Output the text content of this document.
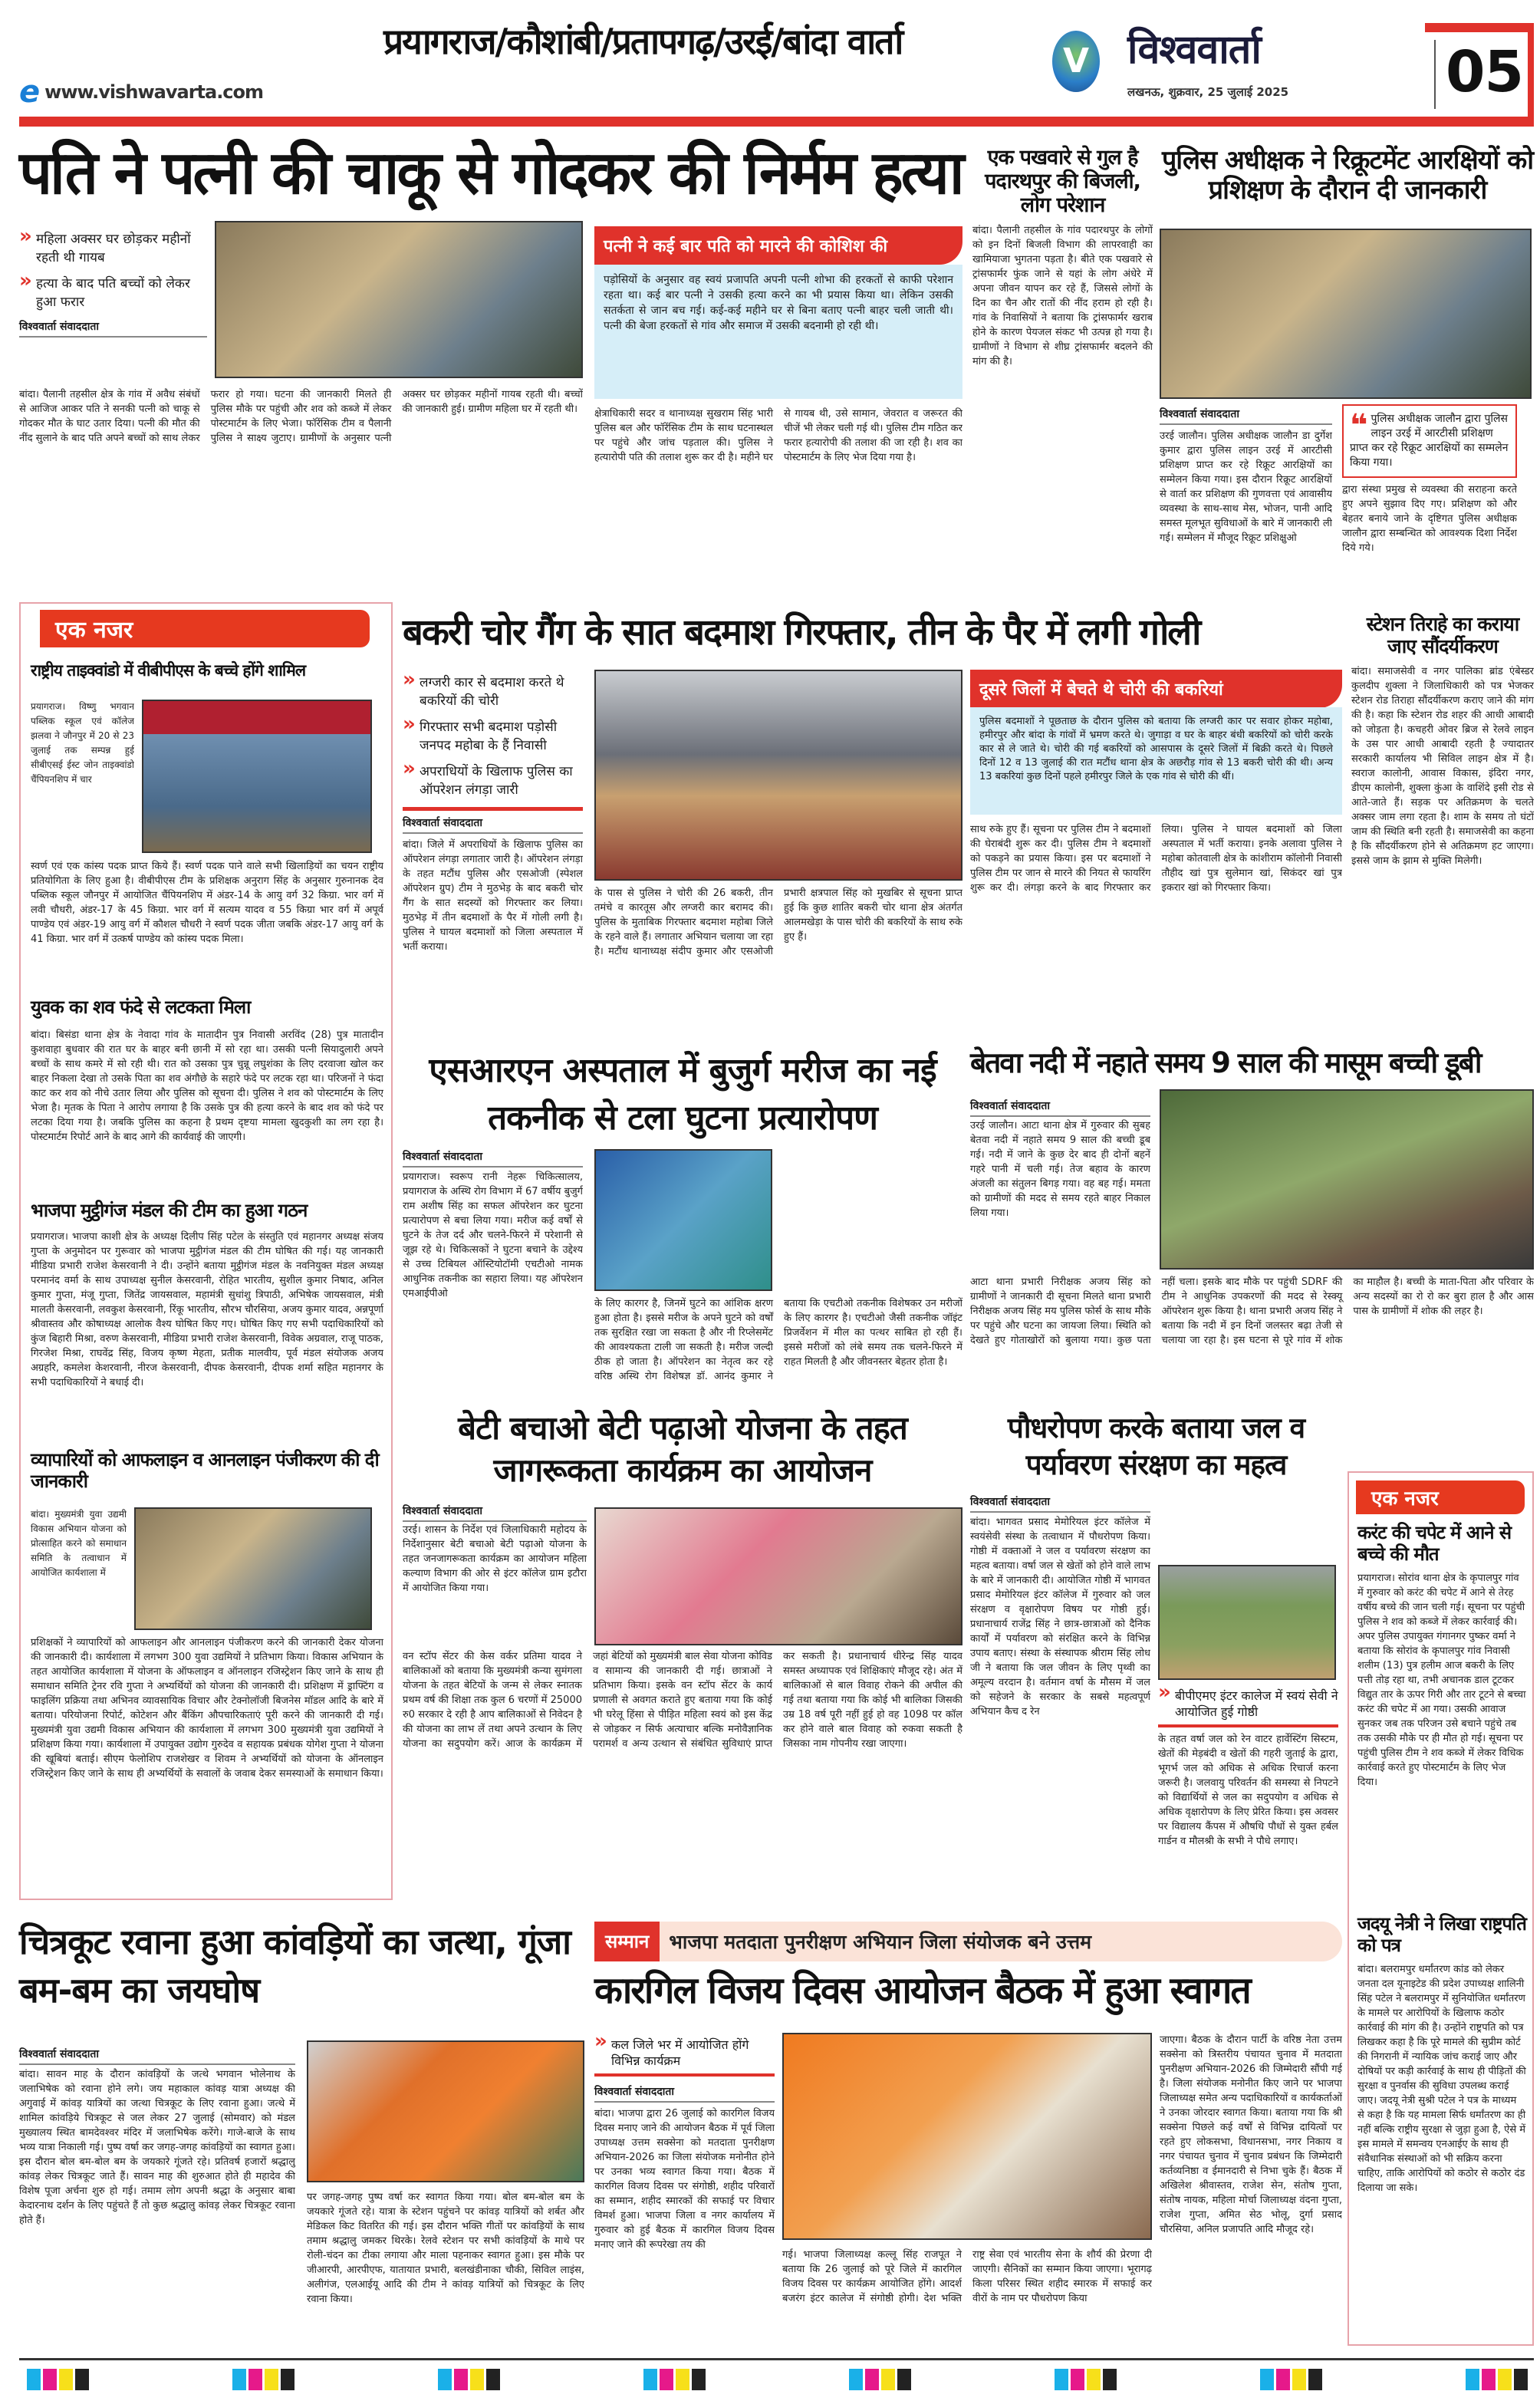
प्रयागराज/कौशांबी/प्रतापगढ़/उरई/बांदा वार्ता
e www.vishwavarta.com
V विश्ववार्ता
लखनऊ, शुक्रवार, 25 जुलाई 2025	05
पति ने पत्नी की चाकू से गोदकर की निर्मम हत्या
» महिला अक्सर घर छोड़कर महीनों रहती थी गायब
» हत्या के बाद पति बच्चों को लेकर हुआ फरार
विश्ववार्ता संवाददाता
पत्नी ने कई बार पति को मारने की कोशिश की
पड़ोसियों के अनुसार वह स्वयं प्रजापति अपनी पत्नी शोभा की हरकतों से काफी परेशान रहता था। कई बार पत्नी ने उसकी हत्या करने का भी प्रयास किया था। लेकिन उसकी सतर्कता से जान बच गई। कई-कई महीने घर से बिना बताए पत्नी बाहर चली जाती थी। पत्नी की बेजा हरकतों से गांव और समाज में उसकी बदनामी हो रही थी।
बांदा। पैलानी तहसील क्षेत्र के गांव में अवैध संबंधों से आजिज आकर पति ने सनकी पत्नी को चाकू से गोदकर मौत के घाट उतार दिया। पत्नी की मौत की नींद सुलाने के बाद पति अपने बच्चों को साथ लेकर फरार हो गया। घटना की जानकारी मिलते ही पुलिस मौके पर पहुंची और शव को कब्जे में लेकर पोस्टमार्टम के लिए भेजा। फॉरेंसिक टीम व पैलानी पुलिस ने साक्ष्य जुटाए। ग्रामीणों के अनुसार पत्नी अक्सर घर छोड़कर महीनों गायब रहती थी। बच्चों की जानकारी हुई। ग्रामीण महिला घर में रहती थी।	क्षेत्राधिकारी सदर व थानाध्यक्ष सुखराम सिंह भारी पुलिस बल और फॉरेंसिक टीम के साथ घटनास्थल पर पहुंचे और जांच पड़ताल की। पुलिस ने हत्यारोपी पति की तलाश शुरू कर दी है। महीने घर से गायब थी, उसे सामान, जेवरात व जरूरत की चीजें भी लेकर चली गई थी। पुलिस टीम गठित कर फरार हत्यारोपी की तलाश की जा रही है। शव का पोस्टमार्टम के लिए भेज दिया गया है।
एक पखवारे से गुल है पदारथपुर की बिजली, लोग परेशान
बांदा। पैलानी तहसील के गांव पदारथपुर के लोगों को इन दिनों बिजली विभाग की लापरवाही का खामियाजा भुगतना पड़ता है। बीते एक पखवारे से ट्रांसफार्मर फुंक जाने से यहां के लोग अंधेरे में अपना जीवन यापन कर रहे हैं, जिससे लोगों के दिन का चैन और रातों की नींद हराम हो रही है। गांव के निवासियों ने बताया कि ट्रांसफार्मर खराब होने के कारण पेयजल संकट भी उत्पन्न हो गया है। ग्रामीणों ने विभाग से शीघ्र ट्रांसफार्मर बदलने की मांग की है।
पुलिस अधीक्षक ने रिक्रूटमेंट आरक्षियों को प्रशिक्षण के दौरान दी जानकारी
विश्ववार्ता संवाददाता
उरई जालौन। पुलिस अधीक्षक जालौन डा दुर्गेश कुमार द्वारा पुलिस लाइन उरई में आरटीसी प्रशिक्षण प्राप्त कर रहे रिक्रूट आरक्षियों का सम्मेलन किया गया। इस दौरान रिक्रूट आरक्षियों से वार्ता कर प्रशिक्षण की गुणवत्ता एवं आवासीय व्यवस्था के साथ-साथ मेस, भोजन, पानी आदि समस्त मूलभूत सुविधाओं के बारे में जानकारी ली गई। सम्मेलन में मौजूद रिक्रूट प्रशिक्षुओ
❝ पुलिस अधीक्षक जालौन द्वारा पुलिस लाइन उरई में आरटीसी प्रशिक्षण प्राप्त कर रहे रिक्रूट आरक्षियों का सम्मलेन किया गया।
द्वारा संस्था प्रमुख से व्यवस्था की सराहना करते हुए अपने सुझाव दिए गए। प्रशिक्षण को और बेहतर बनाये जाने के दृष्टिगत पुलिस अधीक्षक जालौन द्वारा सम्बन्धित को आवश्यक दिशा निर्देश दिये गये।
एक नजर
राष्ट्रीय ताइक्वांडो में वीबीपीएस के बच्चे होंगे शामिल
प्रयागराज। विष्णु भगवान पब्लिक स्कूल एवं कॉलेज झलवा ने जौनपुर में 20 से 23 जुलाई तक सम्पन्न हुई सीबीएसई ईस्ट जोन ताइक्वांडो चैंपियनशिप में चार
स्वर्ण एवं एक कांस्य पदक प्राप्त किये हैं। स्वर्ण पदक पाने वाले सभी खिलाड़ियों का चयन राष्ट्रीय प्रतियोगिता के लिए हुआ है। वीबीपीएस टीम के प्रशिक्षक अनुराग सिंह के अनुसार गुरुनानक देव पब्लिक स्कूल जौनपुर में आयोजित चैंपियनशिप में अंडर-14 के आयु वर्ग 32 किग्रा. भार वर्ग में लवी चौधरी, अंडर-17 के 45 किग्रा. भार वर्ग में सत्यम यादव व 55 किग्रा भार वर्ग में अपूर्व पाण्डेय एवं अंडर-19 आयु वर्ग में कौशल चौधरी ने स्वर्ण पदक जीता जबकि अंडर-17 आयु वर्ग के 41 किग्रा. भार वर्ग में उत्कर्ष पाण्डेय को कांस्य पदक मिला।
युवक का शव फंदे से लटकता मिला
बांदा। बिसंडा थाना क्षेत्र के नेवादा गांव के मातादीन पुत्र निवासी अरविंद (28) पुत्र मातादीन कुशवाहा बुधवार की रात घर के बाहर बनी छानी में सो रहा था। उसकी पत्नी सियादुलारी अपने बच्चों के साथ कमरे में सो रही थी। रात को उसका पुत्र चुन्नू लघुशंका के लिए दरवाजा खोल कर बाहर निकला देखा तो उसके पिता का शव अंगौछे के सहारे फंदे पर लटक रहा था। परिजनों ने फंदा काट कर शव को नीचे उतार लिया और पुलिस को सूचना दी। पुलिस ने शव को पोस्टमार्टम के लिए भेजा है। मृतक के पिता ने आरोप लगाया है कि उसके पुत्र की हत्या करने के बाद शव को फंदे पर लटका दिया गया है। जबकि पुलिस का कहना है प्रथम दृष्टया मामला खुदकुशी का लग रहा है। पोस्टमार्टम रिपोर्ट आने के बाद आगे की कार्यवाई की जाएगी।
भाजपा मुट्ठीगंज मंडल की टीम का हुआ गठन
प्रयागराज। भाजपा काशी क्षेत्र के अध्यक्ष दिलीप सिंह पटेल के संस्तुति एवं महानगर अध्यक्ष संजय गुप्ता के अनुमोदन पर गुरूवार को भाजपा मुट्ठीगंज मंडल की टीम घोषित की गई। यह जानकारी मीडिया प्रभारी राजेश केसरवानी ने दी। उन्होंने बताया मुट्ठीगंज मंडल के नवनियुक्त मंडल अध्यक्ष परमानंद वर्मा के साथ उपाध्यक्ष सुनील केसरवानी, रोहित भारतीय, सुशील कुमार निषाद, अनिल कुमार गुप्ता, मंजू गुप्ता, जितेंद्र जायसवाल, महामंत्री सुधांशु त्रिपाठी, अभिषेक जायसवाल, मंत्री मालती केसरवानी, लवकुश केसरवानी, रिंकू भारतीय, सौरभ चौरसिया, अजय कुमार यादव, अन्नपूर्णा श्रीवास्तव और कोषाध्यक्ष आलोक वैश्य घोषित किए गए। घोषित किए गए सभी पदाधिकारियों को कुंज बिहारी मिश्रा, वरुण केसरवानी, मीडिया प्रभारी राजेश केसरवानी, विवेक अग्रवाल, राजू पाठक, गिरजेश मिश्रा, राघवेंद्र सिंह, विजय कृष्ण मेहता, प्रतीक मालवीय, पूर्व मंडल संयोजक अजय अग्रहरि, कमलेश केशरवानी, नीरज केसरवानी, दीपक केसरवानी, दीपक शर्मा सहित महानगर के सभी पदाधिकारियों ने बधाई दी।
व्यापारियों को आफलाइन व आनलाइन पंजीकरण की दी जानकारी
बांदा। मुख्यमंत्री युवा उद्यमी विकास अभियान योजना को प्रोत्साहित करने को समाधान समिति के तत्वाधान में आयोजित कार्यशाला में
प्रशिक्षकों ने व्यापारियों को आफलाइन और आनलाइन पंजीकरण करने की जानकारी देकर योजना की जानकारी दी। कार्यशाला में लगभग 300 युवा उद्यमियों ने प्रतिभाग किया। विकास अभियान के तहत आयोजित कार्यशाला में योजना के ऑफलाइन व ऑनलाइन रजिस्ट्रेशन किए जाने के साथ ही समाधान समिति ट्रेनर रवि गुप्ता ने अभ्यर्थियों को योजना की जानकारी दी। प्रशिक्षण में ड्राफ्टिंग व फाइलिंग प्रक्रिया तथा अभिनव व्यावसायिक विचार और टेक्नोलॉजी बिजनेस मॉडल आदि के बारे में बताया। परियोजना रिपोर्ट, कोटेशन और बैंकिंग औपचारिकताएं पूरी करने की जानकारी दी गई। मुख्यमंत्री युवा उद्यमी विकास अभियान की कार्यशाला में लगभग 300 मुख्यमंत्री युवा उद्यमियों ने प्रशिक्षण किया गया। कार्यशाला में उपायुक्त उद्योग गुरुदेव व सहायक प्रबंधक योगेश गुप्ता ने योजना की खूबियां बताई। सीएम फेलोशिप राजशेखर व शिवम ने अभ्यर्थियों को योजना के ऑनलाइन रजिस्ट्रेशन किए जाने के साथ ही अभ्यर्थियों के सवालों के जवाब देकर समस्याओं के समाधान किया।
बकरी चोर गैंग के सात बदमाश गिरफ्तार, तीन के पैर में लगी गोली
» लग्जरी कार से बदमाश करते थे बकरियों की चोरी
» गिरफ्तार सभी बदमाश पड़ोसी जनपद महोबा के हैं निवासी
» अपराधियों के खिलाफ पुलिस का ऑपरेशन लंगड़ा जारी
विश्ववार्ता संवाददाता
बांदा। जिले में अपराधियों के खिलाफ पुलिस का ऑपरेशन लंगड़ा लगातार जारी है। ऑपरेशन लंगड़ा के तहत मटौंध पुलिस और एसओजी (स्पेशल ऑपरेशन ग्रुप) टीम ने मुठभेड़ के बाद बकरी चोर गैंग के सात सदस्यों को गिरफ्तार कर लिया। मुठभेड़ में तीन बदमाशों के पैर में गोली लगी है। पुलिस ने घायल बदमाशों को जिला अस्पताल में भर्ती कराया।
के पास से पुलिस ने चोरी की 26 बकरी, तीन तमंचे व कारतूस और लग्जरी कार बरामद की। पुलिस के मुताबिक गिरफ्तार बदमाश महोबा जिले के रहने वाले हैं। लगातार अभियान चलाया जा रहा है। मटौंध थानाध्यक्ष संदीप कुमार और एसओजी प्रभारी क्षत्रपाल सिंह को मुखबिर से सूचना प्राप्त हुई कि कुछ शातिर बकरी चोर थाना क्षेत्र अंतर्गत आलमखेड़ा के पास चोरी की बकरियों के साथ रुके हुए हैं।
दूसरे जिलों में बेचते थे चोरी की बकरियां
पुलिस बदमाशों ने पूछताछ के दौरान पुलिस को बताया कि लग्जरी कार पर सवार होकर महोबा, हमीरपुर और बांदा के गांवों में भ्रमण करते थे। जुगाड़ा व घर के बाहर बंधी बकरियों को चोरी करके कार से ले जाते थे। चोरी की गई बकरियों को आसपास के दूसरे जिलों में बिक्री करते थे। पिछले दिनों 12 व 13 जुलाई की रात मटौंध थाना क्षेत्र के अछरौड़ गांव से 13 बकरी चोरी की थी। अन्य 13 बकरियां कुछ दिनों पहले हमीरपुर जिले के एक गांव से चोरी की थीं।
साथ रुके हुए हैं। सूचना पर पुलिस टीम ने बदमाशों की घेराबंदी शुरू कर दी। पुलिस टीम ने बदमाशों को पकड़ने का प्रयास किया। इस पर बदमाशों ने पुलिस टीम पर जान से मारने की नियत से फायरिंग शुरू कर दी। लंगड़ा करने के बाद गिरफ्तार कर लिया। पुलिस ने घायल बदमाशों को जिला अस्पताल में भर्ती कराया। इनके अलावा पुलिस ने महोबा कोतवाली क्षेत्र के कांशीराम कॉलोनी निवासी तौहीद खां पुत्र सुलेमान खां, सिकंदर खां पुत्र इकरार खां को गिरफ्तार किया।
स्टेशन तिराहे का कराया जाए सौंदर्यीकरण
बांदा। समाजसेवी व नगर पालिका ब्रांड एंबेस्डर कुलदीप शुक्ला ने जिलाधिकारी को पत्र भेजकर स्टेशन रोड तिराहा सौंदर्यीकरण कराए जाने की मांग की है। कहा कि स्टेशन रोड शहर की आधी आबादी को जोड़ता है। कचहरी ओवर ब्रिज से रेलवे लाइन के उस पार आधी आबादी रहती है ज्यादातर सरकारी कार्यालय भी सिविल लाइन क्षेत्र में है। स्वराज कालोनी, आवास विकास, इंदिरा नगर, डीएम कालोनी, शुक्ला कुंआ के वाशिंदे इसी रोड से आते-जाते हैं। सड़क पर अतिक्रमण के चलते अक्सर जाम लगा रहता है। शाम के समय तो घंटों जाम की स्थिति बनी रहती है। समाजसेवी का कहना है कि सौंदर्यीकरण होने से अतिक्रमण हट जाएगा। इससे जाम के झाम से मुक्ति मिलेगी।
एसआरएन अस्पताल में बुजुर्ग मरीज का नई तकनीक से टला घुटना प्रत्यारोपण
विश्ववार्ता संवाददाता
प्रयागराज। स्वरूप रानी नेहरू चिकित्सालय, प्रयागराज के अस्थि रोग विभाग में 67 वर्षीय बुजुर्ग राम अशीष सिंह का सफल ऑपरेशन कर घुटना प्रत्यारोपण से बचा लिया गया। मरीज कई वर्षों से घुटने के तेज दर्द और चलने-फिरने में परेशानी से जूझ रहे थे। चिकित्सकों ने घुटना बचाने के उद्देश्य से उच्च टिबियल ऑस्टियोटॉमी एचटीओ नामक आधुनिक तकनीक का सहारा लिया। यह ऑपरेशन एमआईपीओ
के लिए कारगर है, जिनमें घुटने का आंशिक क्षरण हुआ होता है। इससे मरीज के अपने घुटने को वर्षों तक सुरक्षित रखा जा सकता है और नी रिप्लेसमेंट की आवश्यकता टाली जा सकती है। मरीज जल्दी ठीक हो जाता है। ऑपरेशन का नेतृत्व कर रहे वरिष्ठ अस्थि रोग विशेषज्ञ डॉ. आनंद कुमार ने बताया कि एचटीओ तकनीक विशेषकर उन मरीजों के लिए कारगर है। एचटीओ जैसी तकनीक जॉइंट प्रिजर्वेशन में मील का पत्थर साबित हो रही हैं। इससे मरीजों को लंबे समय तक चलने-फिरने में राहत मिलती है और जीवनस्तर बेहतर होता है।
बेतवा नदी में नहाते समय 9 साल की मासूम बच्ची डूबी
विश्ववार्ता संवाददाता
उरई जालौन। आटा थाना क्षेत्र में गुरुवार की सुबह बेतवा नदी में नहाते समय 9 साल की बच्ची डूब गई। नदी में जाने के कुछ देर बाद ही दोनों बहनें गहरे पानी में चली गई। तेज बहाव के कारण अंजली का संतुलन बिगड़ गया। वह बह गई। ममता को ग्रामीणों की मदद से समय रहते बाहर निकाल लिया गया।
आटा थाना प्रभारी निरीक्षक अजय सिंह को ग्रामीणों ने जानकारी दी सूचना मिलते थाना प्रभारी निरीक्षक अजय सिंह मय पुलिस फोर्स के साथ मौके पर पहुंचे और घटना का जायजा लिया। स्थिति को देखते हुए गोताखोरों को बुलाया गया। कुछ पता नहीं चला। इसके बाद मौके पर पहुंची SDRF की टीम ने आधुनिक उपकरणों की मदद से रेस्क्यू ऑपरेशन शुरू किया है। थाना प्रभारी अजय सिंह ने बताया कि नदी में इन दिनों जलस्तर बढ़ा तेजी से चलाया जा रहा है। इस घटना से पूरे गांव में शोक का माहौल है। बच्ची के माता-पिता और परिवार के अन्य सदस्यों का रो रो कर बुरा हाल है और आस पास के ग्रामीणों में शोक की लहर है।
बेटी बचाओ बेटी पढ़ाओ योजना के तहत जागरूकता कार्यक्रम का आयोजन
विश्ववार्ता संवाददाता
उरई। शासन के निर्देश एवं जिलाधिकारी महोदय के निर्देशानुसार बेटी बचाओ बेटी पढ़ाओ योजना के तहत जनजागरूकता कार्यक्रम का आयोजन महिला कल्याण विभाग की ओर से इंटर कॉलेज ग्राम इटौरा में आयोजित किया गया।
वन स्टॉप सेंटर की केस वर्कर प्रतिमा यादव ने बालिकाओं को बताया कि मुख्यमंत्री कन्या सुमंगला योजना के तहत बेटियों के जन्म से लेकर स्नातक प्रथम वर्ष की शिक्षा तक कुल 6 चरणों में 25000 रु0 सरकार दे रही है आप बालिकाओं से निवेदन है की योजना का लाभ लें तथा अपने उत्थान के लिए योजना का सदुपयोग करें। आज के कार्यक्रम में जहां बेटियों को मुख्यमंत्री बाल सेवा योजना कोविड व सामान्य की जानकारी दी गई। छात्राओं ने प्रतिभाग किया। इसके वन स्टॉप सेंटर के कार्य प्रणाली से अवगत कराते हुए बताया गया कि कोई भी घरेलू हिंसा से पीड़ित महिला स्वयं को इस केंद्र से जोड़कर न सिर्फ अत्याचार बल्कि मनोवैज्ञानिक परामर्श व अन्य उत्थान से संबंधित सुविधाएं प्राप्त कर सकती है। प्रधानाचार्य धीरेन्द्र सिंह यादव समस्त अध्यापक एवं शिक्षिकाएं मौजूद रहे। अंत में बालिकाओं से बाल विवाह रोकने की अपील की गई तथा बताया गया कि कोई भी बालिका जिसकी उम्र 18 वर्ष पूरी नहीं हुई हो वह 1098 पर कॉल कर होने वाले बाल विवाह को रुकवा सकती है जिसका नाम गोपनीय रखा जाएगा।
पौधरोपण करके बताया जल व पर्यावरण संरक्षण का महत्व
विश्ववार्ता संवाददाता
बांदा। भागवत प्रसाद मेमोरियल इंटर कॉलेज में स्वयंसेवी संस्था के तत्वाधान में पौधरोपण किया। गोष्ठी में वक्ताओं ने जल व पर्यावरण संरक्षण का महत्व बताया। वर्षा जल से खेतों को होने वाले लाभ के बारे में जानकारी दी। आयोजित गोष्ठी में भागवत प्रसाद मेमोरियल इंटर कॉलेज में गुरुवार को जल संरक्षण व वृक्षारोपण विषय पर गोष्ठी हुई। प्रधानाचार्य राजेंद्र सिंह ने छात्र-छात्राओं को दैनिक कार्यों में पर्यावरण को संरक्षित करने के विभिन्न उपाय बताए। संस्था के संस्थापक श्रीराम सिंह लोध जी ने बताया कि जल जीवन के लिए पृथ्वी का अमूल्य वरदान है। वर्तमान वर्षा के मौसम में जल को सहेजने के सरकार के सबसे महत्वपूर्ण अभियान कैच द रेन
» बीपीएमए इंटर कालेज में स्वयं सेवी ने आयोजित हुई गोष्ठी
के तहत वर्षा जल को रेन वाटर हार्वेस्टिंग सिस्टम, खेतों की मेड़बंदी व खेतों की गहरी जुताई के द्वारा, भूगर्भ जल को अधिक से अधिक रिचार्ज करना जरूरी है। जलवायु परिवर्तन की समस्या से निपटने को विद्यार्थियों से जल का सदुपयोग व अधिक से अधिक वृक्षारोपण के लिए प्रेरित किया। इस अवसर पर विद्यालय कैंपस में औषधि पौधों से युक्त हर्बल गार्डन व मौलश्री के सभी ने पौधे लगाए।
एक नजर
करंट की चपेट में आने से बच्चे की मौत
प्रयागराज। सोरांव थाना क्षेत्र के कृपालपुर गांव में गुरुवार को करंट की चपेट में आने से तेरह वर्षीय बच्चे की जान चली गई। सूचना पर पहुंची पुलिस ने शव को कब्जे में लेकर कार्रवाई की। अपर पुलिस उपायुक्त गंगानगर पुष्कर वर्मा ने बताया कि सोरांव के कृपालपुर गांव निवासी शलीम (13) पुत्र हलीम आज बकरी के लिए पत्ती तोड़ रहा था, तभी अचानक डाल टूटकर विद्युत तार के ऊपर गिरी और तार टूटने से बच्चा करंट की चपेट में आ गया। उसकी आवाज सुनकर जब तक परिजन उसे बचाने पहुंचे तब तक उसकी मौके पर ही मौत हो गई। सूचना पर पहुंची पुलिस टीम ने शव कब्जे में लेकर विधिक कार्रवाई करते हुए पोस्टमार्टम के लिए भेज दिया।
जदयू नेत्री ने लिखा राष्ट्रपति को पत्र
बांदा। बलरामपुर धर्मांतरण कांड को लेकर जनता दल यूनाइटेड की प्रदेश उपाध्यक्ष शालिनी सिंह पटेल ने बलरामपुर में सुनियोजित धर्मांतरण के मामले पर आरोपियों के खिलाफ कठोर कार्रवाई की मांग की है। उन्होंने राष्ट्रपति को पत्र लिखकर कहा है कि पूरे मामले की सुप्रीम कोर्ट की निगरानी में न्यायिक जांच कराई जाए और दोषियों पर कड़ी कार्रवाई के साथ ही पीड़ितों की सुरक्षा व पुनर्वास की सुविधा उपलब्ध कराई जाए। जदयू नेत्री सुश्री पटेल ने पत्र के माध्यम से कहा है कि यह मामला सिर्फ धर्मांतरण का ही नहीं बल्कि राष्ट्रीय सुरक्षा से जुड़ा हुआ है, ऐसे में इस मामले में समन्वय एनआईए के साथ ही संवैधानिक संस्थाओं को भी सक्रिय करना चाहिए, ताकि आरोपियों को कठोर से कठोर दंड दिलाया जा सके।
चित्रकूट रवाना हुआ कांवड़ियों का जत्था, गूंजा बम-बम का जयघोष
विश्ववार्ता संवाददाता
बांदा। सावन माह के दौरान कांवड़ियों के जत्थे भगवान भोलेनाथ के जलाभिषेक को रवाना होने लगे। जय महाकाल कांवड़ यात्रा अध्यक्ष की अगुवाई में कांवड़ यात्रियों का जत्था चित्रकूट के लिए रवाना हुआ। जत्थे में शामिल कांवड़िये चित्रकूट से जल लेकर 27 जुलाई (सोमवार) को मंडल मुख्यालय स्थित बामदेवश्वर मंदिर में जलाभिषेक करेंगे। गाजे-बाजे के साथ भव्य यात्रा निकाली गई। पुष्प वर्षा कर जगह-जगह कांवड़ियों का स्वागत हुआ। इस दौरान बोल बम-बोल बम के जयकारे गूंजते रहे। प्रतिवर्ष हजारों श्रद्धालु कांवड़ लेकर चित्रकूट जाते हैं। सावन माह की शुरुआत होते ही महादेव की विशेष पूजा अर्चना शुरु हो गई। तमाम लोग अपनी श्रद्धा के अनुसार बाबा केदारनाथ दर्शन के लिए पहुंचते हैं तो कुछ श्रद्धालु कांवड़ लेकर चित्रकूट रवाना होते हैं।
पर जगह-जगह पुष्प वर्षा कर स्वागत किया गया। बोल बम-बोल बम के जयकारे गूंजते रहे। यात्रा के स्टेशन पहुंचने पर कांवड़ यात्रियों को शर्बत और मेडिकल किट वितरित की गई। इस दौरान भक्ति गीतों पर कांवड़ियों के साथ तमाम श्रद्धालु जमकर थिरके। रेलवे स्टेशन पर सभी कांवड़ियों के माथे पर रोली-चंदन का टीका लगाया और माला पहनाकर स्वागत हुआ। इस मौके पर जीआरपी, आरपीएफ, यातायात प्रभारी, बलखंडीनाका चौकी, सिविल लाइंस, अलीगंज, एलआईयू आदि की टीम ने कांवड़ यात्रियों को चित्रकूट के लिए रवाना किया।
सम्मान	भाजपा मतदाता पुनरीक्षण अभियान जिला संयोजक बने उत्तम
कारगिल विजय दिवस आयोजन बैठक में हुआ स्वागत
» कल जिले भर में आयोजित होंगे विभिन्न कार्यक्रम
विश्ववार्ता संवाददाता
बांदा। भाजपा द्वारा 26 जुलाई को कारगिल विजय दिवस मनाए जाने की आयोजन बैठक में पूर्व जिला उपाध्यक्ष उत्तम सक्सेना को मतदाता पुनरीक्षण अभियान-2026 का जिला संयोजक मनोनीत होने पर उनका भव्य स्वागत किया गया। बैठक में कारगिल विजय दिवस पर संगोष्ठी, शहीद परिवारों का सम्मान, शहीद स्मारकों की सफाई पर विचार विमर्श हुआ। भाजपा जिला व नगर कार्यालय में गुरुवार को हुई बैठक में कारगिल विजय दिवस मनाए जाने की रूपरेखा तय की
गई। भाजपा जिलाध्यक्ष कल्लू सिंह राजपूत ने बताया कि 26 जुलाई को पूरे जिले में कारगिल विजय दिवस पर कार्यक्रम आयोजित होंगे। आदर्श बजरंग इंटर कालेज में संगोष्ठी होगी। देश भक्ति राष्ट्र सेवा एवं भारतीय सेना के शौर्य की प्रेरणा दी जाएगी। सैनिकों का सम्मान किया जाएगा। भूरागढ़ किला परिसर स्थित शहीद स्मारक में सफाई कर वीरों के नाम पर पौधरोपण किया
जाएगा। बैठक के दौरान पार्टी के वरिष्ठ नेता उत्तम सक्सेना को त्रिस्तरीय पंचायत चुनाव में मतदाता पुनरीक्षण अभियान-2026 की जिम्मेदारी सौंपी गई है। जिला संयोजक मनोनीत किए जाने पर भाजपा जिलाध्यक्ष समेत अन्य पदाधिकारियों व कार्यकर्ताओं ने उनका जोरदार स्वागत किया। बताया गया कि श्री सक्सेना पिछले कई वर्षों से विभिन्न दायित्वों पर रहते हुए लोकसभा, विधानसभा, नगर निकाय व नगर पंचायत चुनाव में चुनाव प्रबंधन कि जिम्मेदारी कर्तव्यनिष्ठा व ईमानदारी से निभा चुके हैं। बैठक में अखिलेश श्रीवास्तव, राजेश सेन, संतोष गुप्ता, संतोष नायक, महिला मोर्चा जिलाध्यक्ष वंदना गुप्ता, राजेश गुप्ता, अमित सेठ भोलू, दुर्गा प्रसाद चौरसिया, अनिल प्रजापति आदि मौजूद रहे।
